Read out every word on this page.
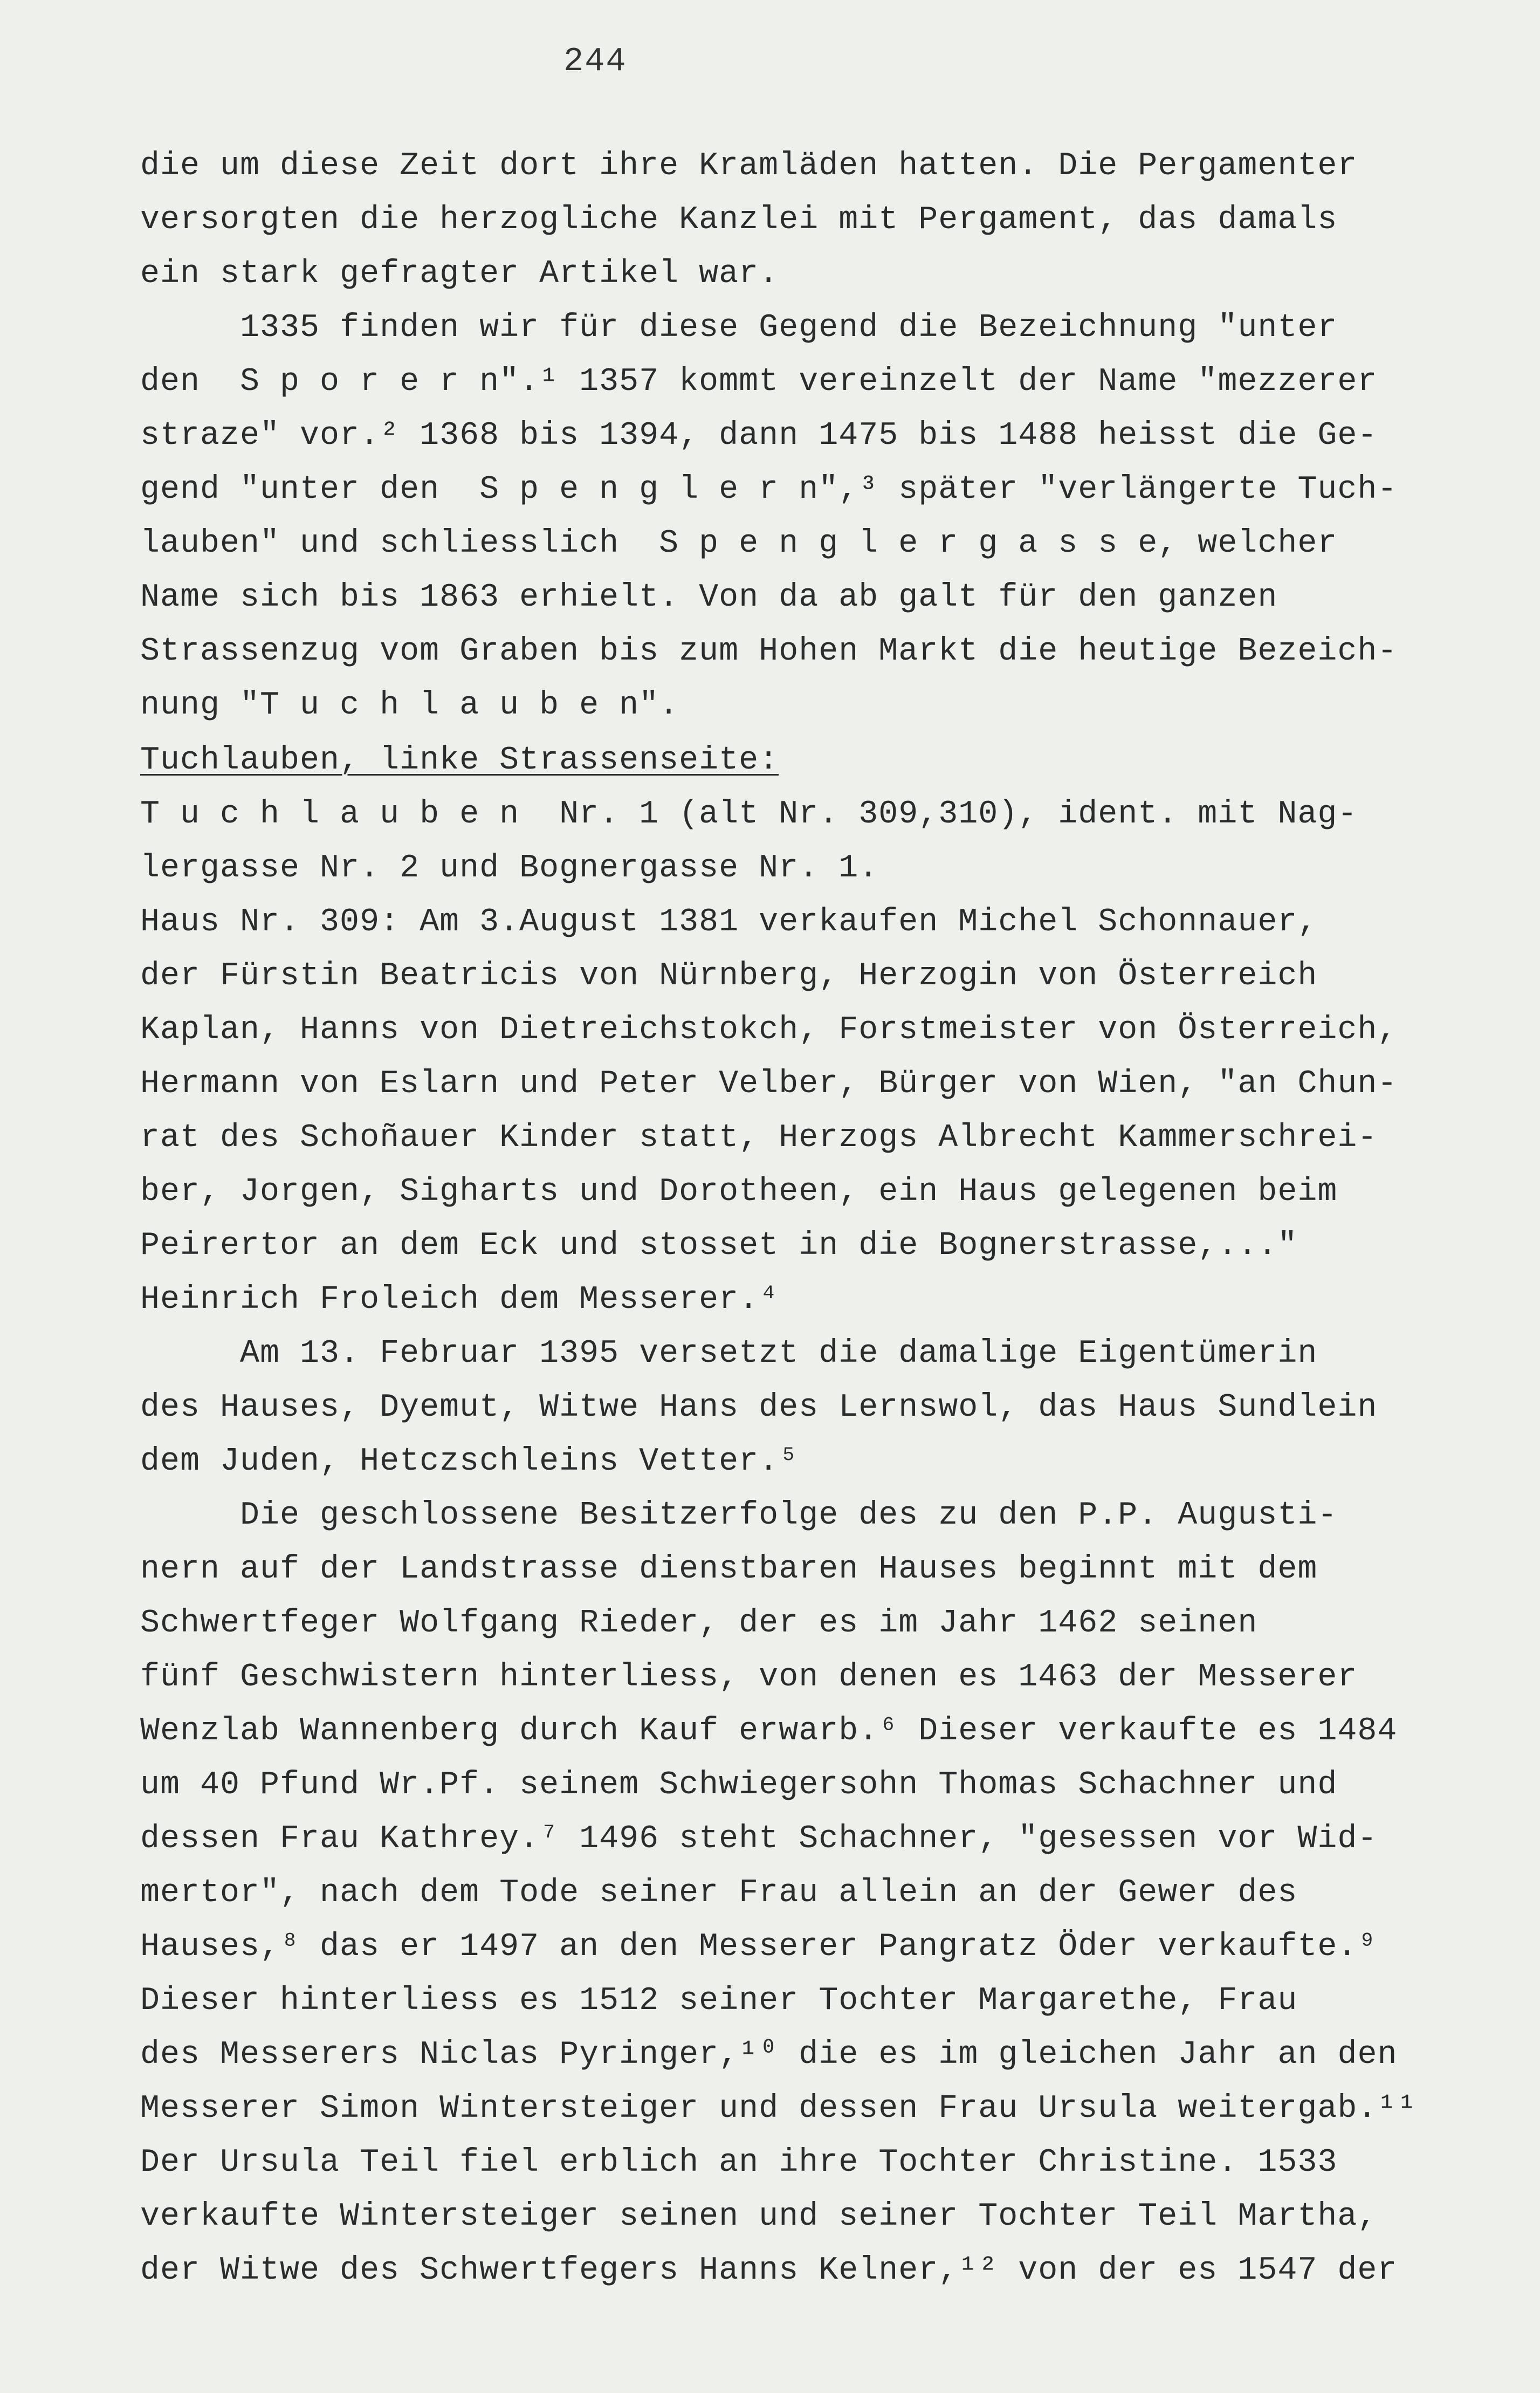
244
die um diese Zeit dort ihre Kramläden hatten. Die Pergamenter
versorgten die herzogliche Kanzlei mit Pergament, das damals
ein stark gefragter Artikel war.
1335 finden wir für diese Gegend die Bezeichnung "unter
den  S p o r e r n".¹ 1357 kommt vereinzelt der Name "mezzerer
straze" vor.² 1368 bis 1394, dann 1475 bis 1488 heisst die Ge-
gend "unter den  S p e n g l e r n",³ später "verlängerte Tuch-
lauben" und schliesslich  S p e n g l e r g a s s e, welcher
Name sich bis 1863 erhielt. Von da ab galt für den ganzen
Strassenzug vom Graben bis zum Hohen Markt die heutige Bezeich-
nung "T u c h l a u b e n".
Tuchlauben, linke Strassenseite:
T u c h l a u b e n  Nr. 1 (alt Nr. 309,310), ident. mit Nag-
lergasse Nr. 2 und Bognergasse Nr. 1.
Haus Nr. 309: Am 3.August 1381 verkaufen Michel Schonnauer,
der Fürstin Beatricis von Nürnberg, Herzogin von Österreich
Kaplan, Hanns von Dietreichstokch, Forstmeister von Österreich,
Hermann von Eslarn und Peter Velber, Bürger von Wien, "an Chun-
rat des Schoñauer Kinder statt, Herzogs Albrecht Kammerschrei-
ber, Jorgen, Sigharts und Dorotheen, ein Haus gelegenen beim
Peirertor an dem Eck und stosset in die Bognerstrasse,..."
Heinrich Froleich dem Messerer.⁴
Am 13. Februar 1395 versetzt die damalige Eigentümerin
des Hauses, Dyemut, Witwe Hans des Lernswol, das Haus Sundlein
dem Juden, Hetczschleins Vetter.⁵
Die geschlossene Besitzerfolge des zu den P.P. Augusti-
nern auf der Landstrasse dienstbaren Hauses beginnt mit dem
Schwertfeger Wolfgang Rieder, der es im Jahr 1462 seinen
fünf Geschwistern hinterliess, von denen es 1463 der Messerer
Wenzlab Wannenberg durch Kauf erwarb.⁶ Dieser verkaufte es 1484
um 40 Pfund Wr.Pf. seinem Schwiegersohn Thomas Schachner und
dessen Frau Kathrey.⁷ 1496 steht Schachner, "gesessen vor Wid-
mertor", nach dem Tode seiner Frau allein an der Gewer des
Hauses,⁸ das er 1497 an den Messerer Pangratz Öder verkaufte.⁹
Dieser hinterliess es 1512 seiner Tochter Margarethe, Frau
des Messerers Niclas Pyringer,¹⁰ die es im gleichen Jahr an den
Messerer Simon Wintersteiger und dessen Frau Ursula weitergab.¹¹
Der Ursula Teil fiel erblich an ihre Tochter Christine. 1533
verkaufte Wintersteiger seinen und seiner Tochter Teil Martha,
der Witwe des Schwertfegers Hanns Kelner,¹² von der es 1547 der
